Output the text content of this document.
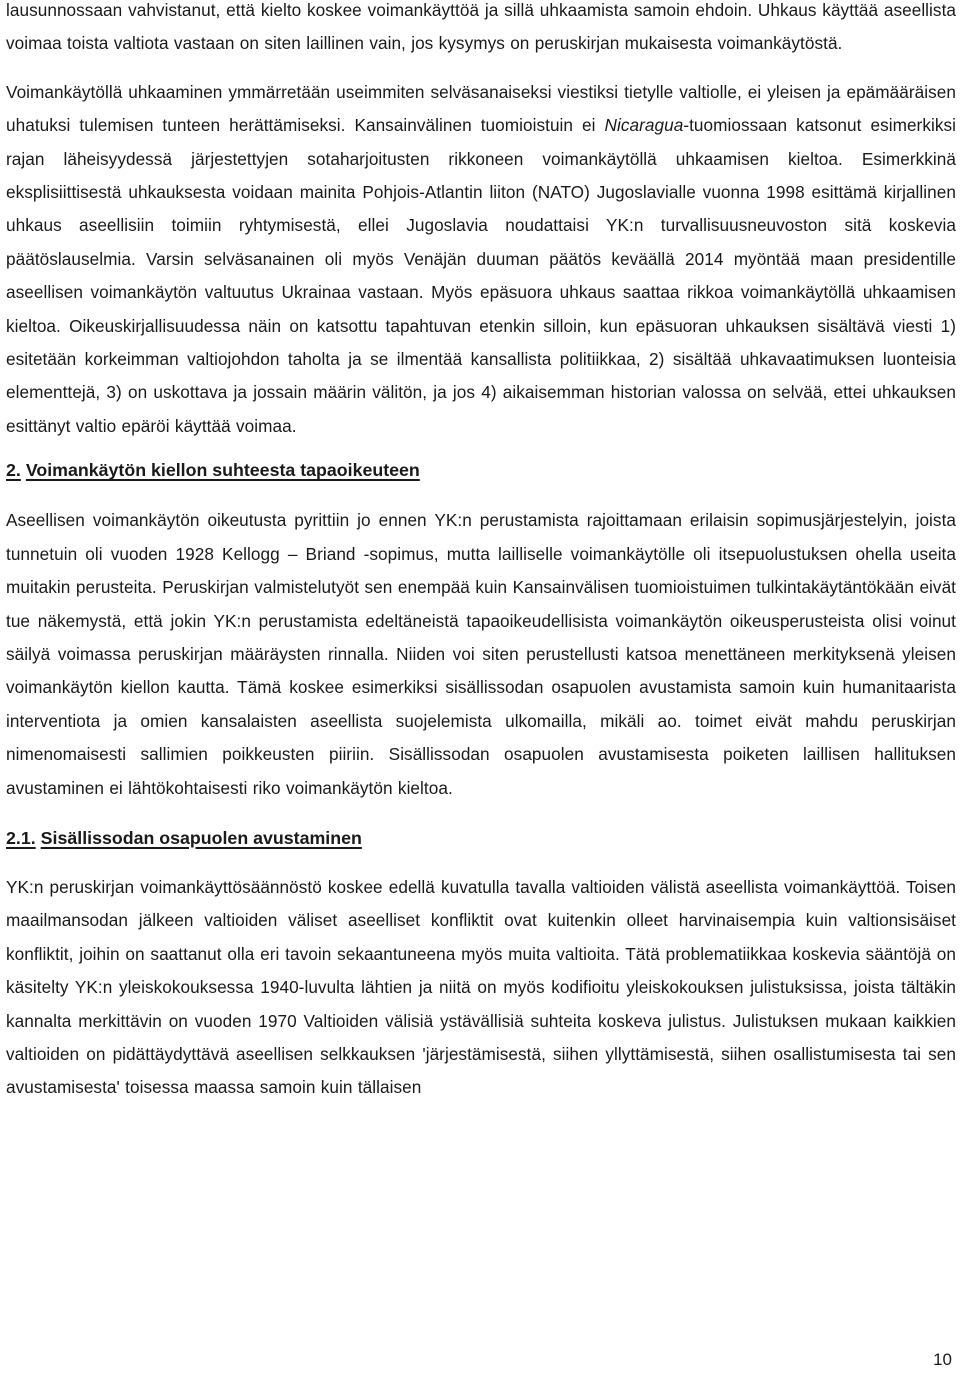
lausunnossaan vahvistanut, että kielto koskee voimankäyttöä ja sillä uhkaamista samoin ehdoin. Uhkaus käyttää aseellista voimaa toista valtiota vastaan on siten laillinen vain, jos kysymys on peruskirjan mukaisesta voimankäytöstä.

Voimankäytöllä uhkaaminen ymmärretään useimmiten selväsanaiseksi viestiksi tietylle valtiolle, ei yleisen ja epämääräisen uhatuksi tulemisen tunteen herättämiseksi. Kansainvälinen tuomioistuin ei Nicaragua-tuomiossaan katsonut esimerkiksi rajan läheisyydessä järjestettyjen sotaharjoitusten rikkoneen voimankäytöllä uhkaamisen kieltoa. Esimerkkinä eksplisiittisestä uhkauksesta voidaan mainita Pohjois-Atlantin liiton (NATO) Jugoslavialle vuonna 1998 esittämä kirjallinen uhkaus aseellisiin toimiin ryhtymisestä, ellei Jugoslavia noudattaisi YK:n turvallisuusneuvoston sitä koskevia päätöslauselmia. Varsin selväsanainen oli myös Venäjän duuman päätös keväällä 2014 myöntää maan presidentille aseellisen voimankäytön valtuutus Ukrainaa vastaan. Myös epäsuora uhkaus saattaa rikkoa voimankäytöllä uhkaamisen kieltoa. Oikeuskirjallisuudessa näin on katsottu tapahtuvan etenkin silloin, kun epäsuoran uhkauksen sisältävä viesti 1) esitetään korkeimman valtiojohdon taholta ja se ilmentää kansallista politiikkaa, 2) sisältää uhkavaatimuksen luonteisia elementtejä, 3) on uskottava ja jossain määrin välitön, ja jos 4) aikaisemman historian valossa on selvää, ettei uhkauksen esittänyt valtio epäröi käyttää voimaa.

2. Voimankäytön kiellon suhteesta tapaoikeuteen

Aseellisen voimankäytön oikeutusta pyrittiin jo ennen YK:n perustamista rajoittamaan erilaisin sopimusjärjestelyin, joista tunnetuin oli vuoden 1928 Kellogg – Briand -sopimus, mutta lailliselle voimankäytölle oli itsepuolustuksen ohella useita muitakin perusteita. Peruskirjan valmistelutyöt sen enempää kuin Kansainvälisen tuomioistuimen tulkintakäytäntökään eivät tue näkemystä, että jokin YK:n perustamista edeltäneistä tapaoikeudellisista voimankäytön oikeusperusteista olisi voinut säilyä voimassa peruskirjan määräysten rinnalla. Niiden voi siten perustellusti katsoa menettäneen merkityksenä yleisen voimankäytön kiellon kautta. Tämä koskee esimerkiksi sisällissodan osapuolen avustamista samoin kuin humanitaarista interventiota ja omien kansalaisten aseellista suojelemista ulkomailla, mikäli ao. toimet eivät mahdu peruskirjan nimenomaisesti sallimien poikkeusten piiriin. Sisällissodan osapuolen avustamisesta poiketen laillisen hallituksen avustaminen ei lähtökohtaisesti riko voimankäytön kieltoa.

2.1. Sisällissodan osapuolen avustaminen

YK:n peruskirjan voimankäyttösäännöstö koskee edellä kuvatulla tavalla valtioiden välistä aseellista voimankäyttöä. Toisen maailmansodan jälkeen valtioiden väliset aseelliset konfliktit ovat kuitenkin olleet harvinaisempia kuin valtionsisäiset konfliktit, joihin on saattanut olla eri tavoin sekaantuneena myös muita valtioita. Tätä problematiikkaa koskevia sääntöjä on käsitelty YK:n yleiskokouksessa 1940-luvulta lähtien ja niitä on myös kodifioitu yleiskokouksen julistuksissa, joista tältäkin kannalta merkittävin on vuoden 1970 Valtioiden välisiä ystävällisiä suhteita koskeva julistus. Julistuksen mukaan kaikkien valtioiden on pidättäydyttävä aseellisen selkkauksen 'järjestämisestä, siihen yllyttämisestä, siihen osallistumisesta tai sen avustamisesta' toisessa maassa samoin kuin tällaisen

10
